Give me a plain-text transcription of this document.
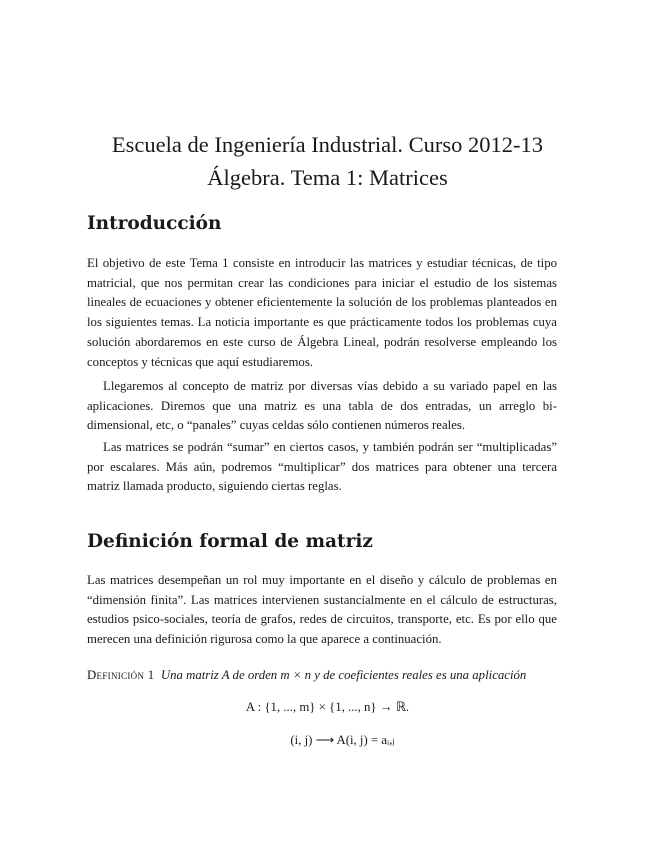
Escuela de Ingeniería Industrial. Curso 2012-13
Álgebra. Tema 1: Matrices
Introducción

El objetivo de este Tema 1 consiste en introducir las matrices y estudiar técnicas, de tipo matricial, que nos permitan crear las condiciones para iniciar el estudio de los sistemas lineales de ecuaciones y obtener eficientemente la solución de los problemas planteados en los siguientes temas. La noticia importante es que prácticamente todos los problemas cuya solución abordaremos en este curso de Álgebra Lineal, podrán resolverse empleando los conceptos y técnicas que aquí estudiaremos.

Llegaremos al concepto de matriz por diversas vías debido a su variado papel en las aplicaciones. Diremos que una matriz es una tabla de dos entradas, un arreglo bi-dimensional, etc, o “panales” cuyas celdas sólo contienen números reales.

Las matrices se podrán “sumar” en ciertos casos, y también podrán ser “multiplicadas” por escalares. Más aún, podremos “multiplicar” dos matrices para obtener una tercera matriz llamada producto, siguiendo ciertas reglas.

Definición formal de matriz

Las matrices desempeñan un rol muy importante en el diseño y cálculo de problemas en “dimensión finita”. Las matrices intervienen sustancialmente en el cálculo de estructuras, estudios psico-sociales, teoría de grafos, redes de circuitos, transporte, etc. Es por ello que merecen una definición rigurosa como la que aparece a continuación.

Definición 1 Una matriz A de orden m × n y de coeficientes reales es una aplicación

A : {1, ..., m} × {1, ..., n} → ℝ.
(i, j) ⟶ A(i, j) = aᵢ,ⱼ
